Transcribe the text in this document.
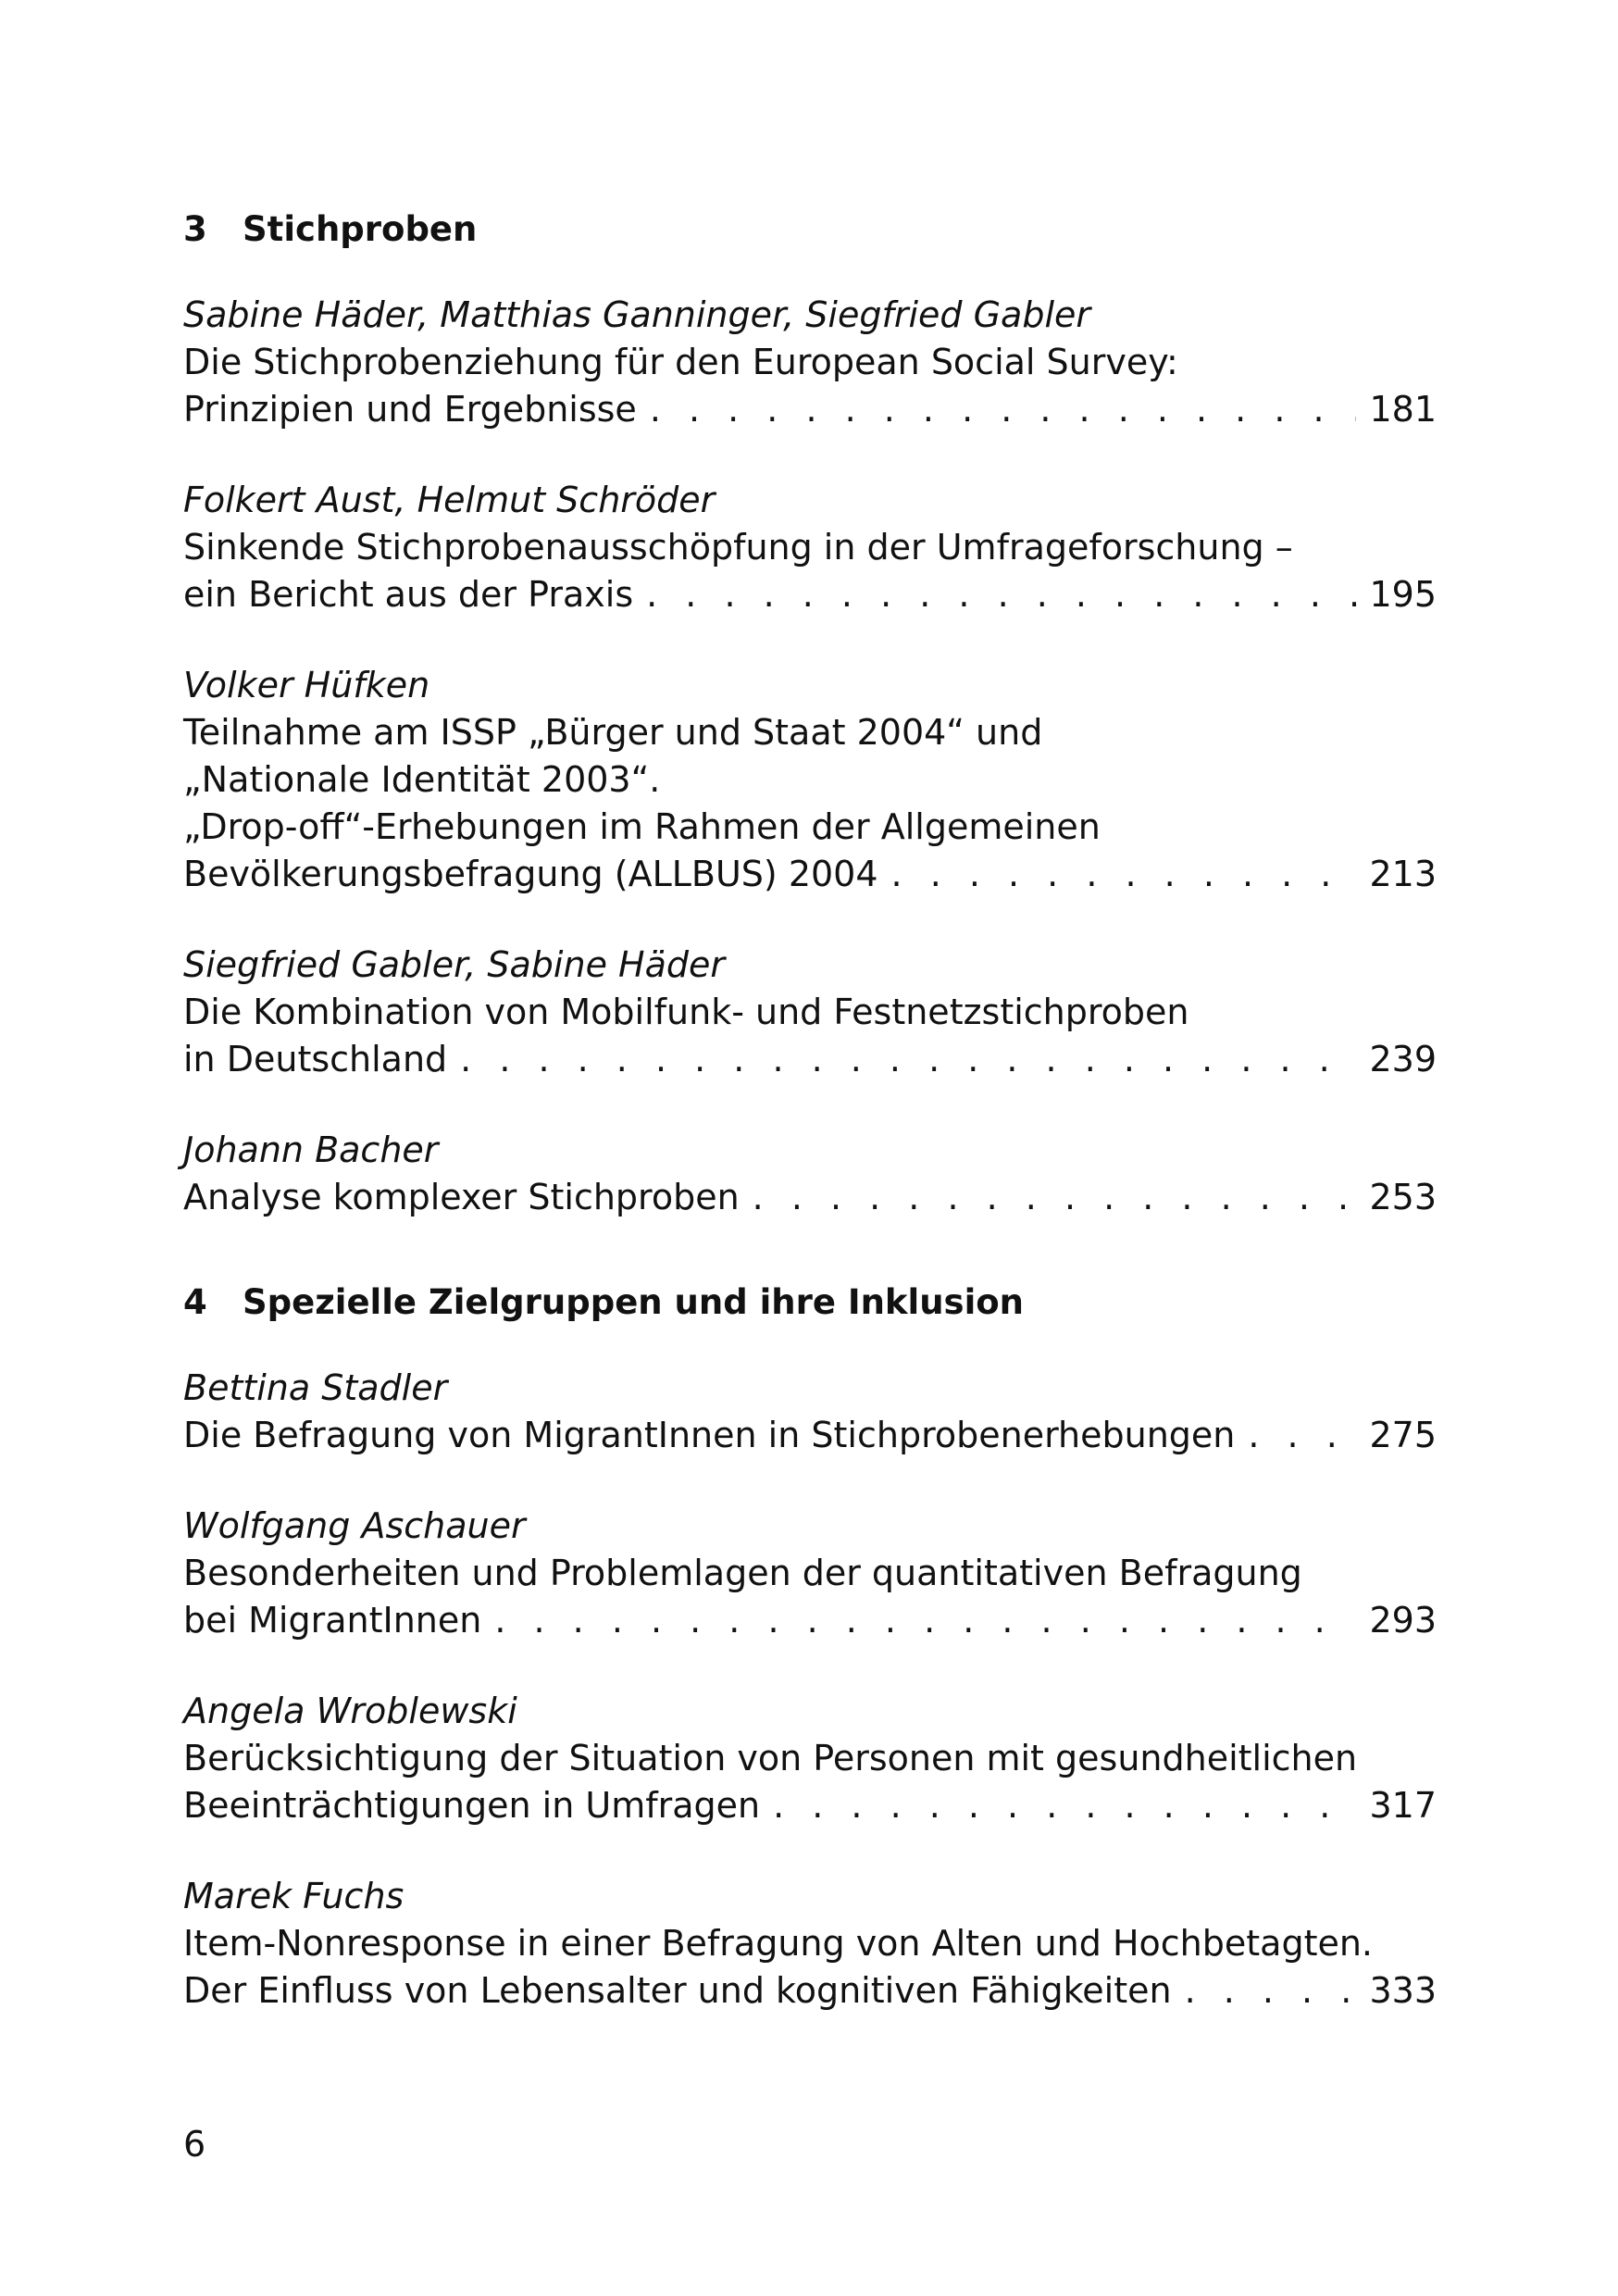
3	Stichproben
Sabine Häder, Matthias Ganninger, Siegfried Gabler
Die Stichprobenziehung für den European Social Survey:
Prinzipien und Ergebnisse . . .	181
Folkert Aust, Helmut Schröder
Sinkende Stichprobenausschöpfung in der Umfrageforschung –
ein Bericht aus der Praxis . . .	195
Volker Hüfken
Teilnahme am ISSP „Bürger und Staat 2004“ und
„Nationale Identität 2003“.
„Drop-off“-Erhebungen im Rahmen der Allgemeinen
Bevölkerungsbefragung (ALLBUS) 2004 . . .	213
Siegfried Gabler, Sabine Häder
Die Kombination von Mobilfunk- und Festnetzstichproben
in Deutschland . . .	239
Johann Bacher
Analyse komplexer Stichproben . . .	253
4	Spezielle Zielgruppen und ihre Inklusion
Bettina Stadler
Die Befragung von MigrantInnen in Stichprobenerhebungen . . .	275
Wolfgang Aschauer
Besonderheiten und Problemlagen der quantitativen Befragung
bei MigrantInnen . . .	293
Angela Wroblewski
Berücksichtigung der Situation von Personen mit gesundheitlichen
Beeinträchtigungen in Umfragen . . .	317
Marek Fuchs
Item-Nonresponse in einer Befragung von Alten und Hochbetagten.
Der Einfluss von Lebensalter und kognitiven Fähigkeiten . . .	333
6
